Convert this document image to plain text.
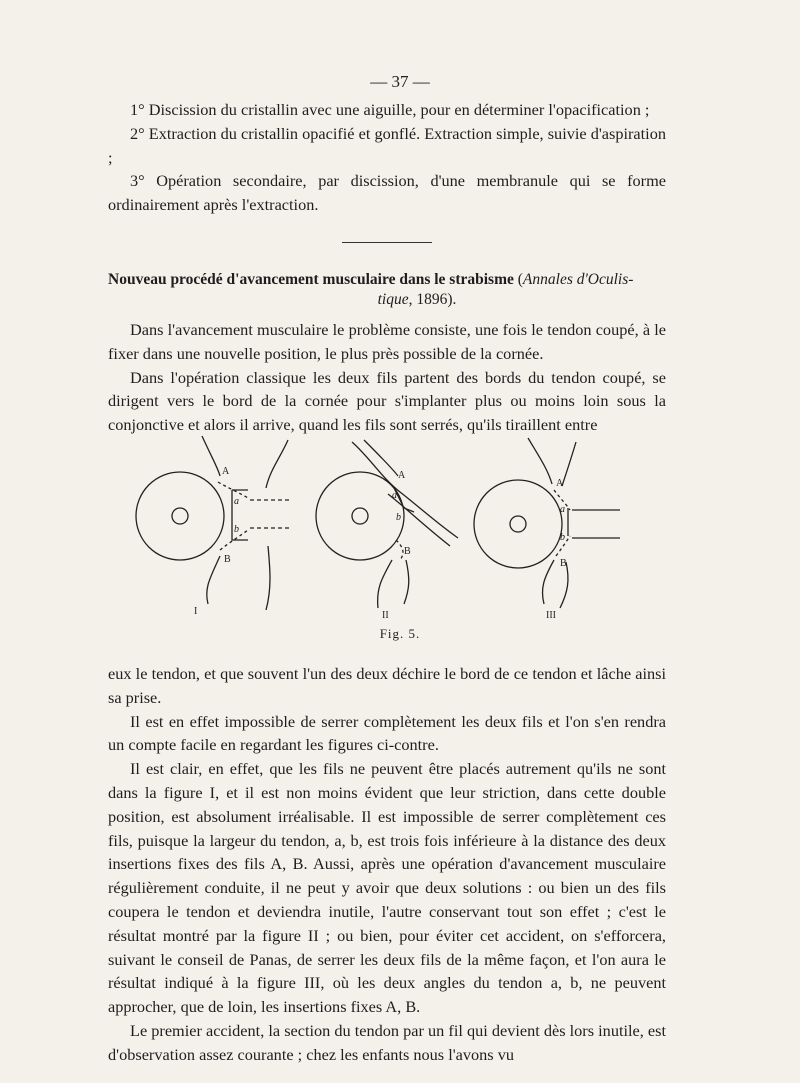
— 37 —

1° Discission du cristallin avec une aiguille, pour en déterminer l'opacification ;

2° Extraction du cristallin opacifié et gonflé. Extraction simple, suivie d'aspiration ;

3° Opération secondaire, par discission, d'une membranule qui se forme ordinairement après l'extraction.

Nouveau procédé d'avancement musculaire dans le strabisme (Annales d'Oculis-
tique, 1896).

Dans l'avancement musculaire le problème consiste, une fois le tendon coupé, à le fixer dans une nouvelle position, le plus près possible de la cornée.

Dans l'opération classique les deux fils partent des bords du tendon coupé, se dirigent vers le bord de la cornée pour s'implanter plus ou moins loin sous la conjonctive et alors il arrive, quand les fils sont serrés, qu'ils tiraillent entre

A
B
a
b
A
B
a
b
A
B
a
b
I	II	III
Fig. 5.

eux le tendon, et que souvent l'un des deux déchire le bord de ce tendon et lâche ainsi sa prise.

Il est en effet impossible de serrer complètement les deux fils et l'on s'en rendra un compte facile en regardant les figures ci-contre.

Il est clair, en effet, que les fils ne peuvent être placés autrement qu'ils ne sont dans la figure I, et il est non moins évident que leur striction, dans cette double position, est absolument irréalisable. Il est impossible de serrer complètement ces fils, puisque la largeur du tendon, a, b, est trois fois inférieure à la distance des deux insertions fixes des fils A, B. Aussi, après une opération d'avancement musculaire régulièrement conduite, il ne peut y avoir que deux solutions : ou bien un des fils coupera le tendon et deviendra inutile, l'autre conservant tout son effet ; c'est le résultat montré par la figure II ; ou bien, pour éviter cet accident, on s'efforcera, suivant le conseil de Panas, de serrer les deux fils de la même façon, et l'on aura le résultat indiqué à la figure III, où les deux angles du tendon a, b, ne peuvent approcher, que de loin, les insertions fixes A, B.

Le premier accident, la section du tendon par un fil qui devient dès lors inutile, est d'observation assez courante ; chez les enfants nous l'avons vu
